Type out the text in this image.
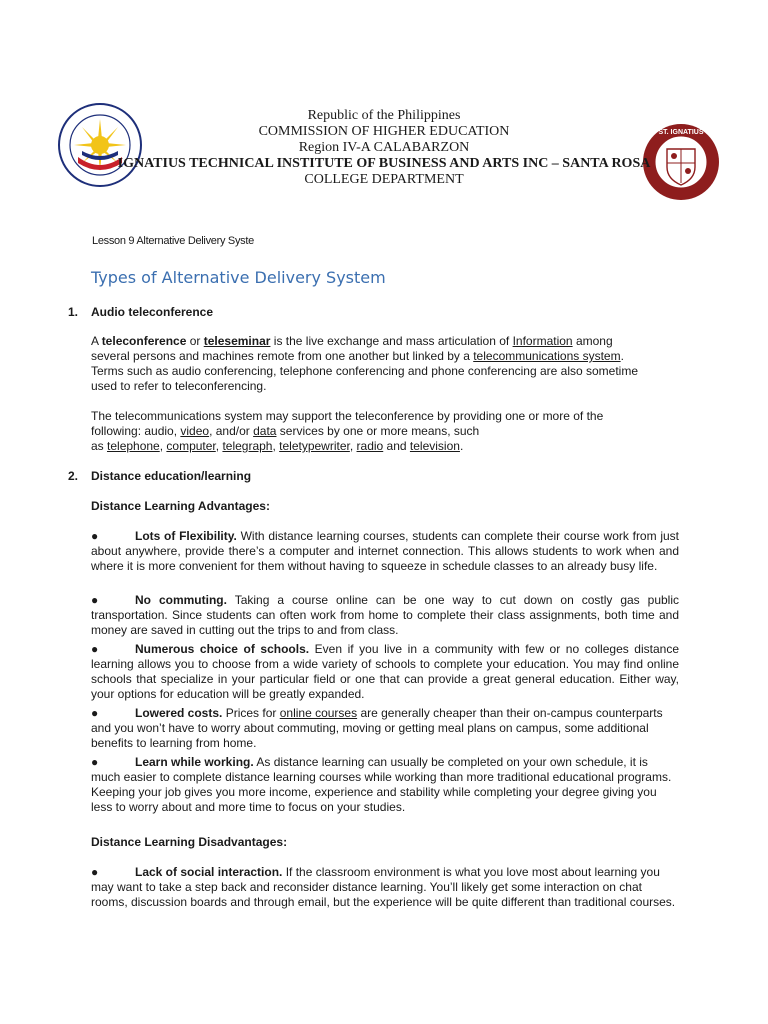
ST. IGNATIUS
Republic of the Philippines
COMMISSION OF HIGHER EDUCATION
Region IV-A CALABARZON
IGNATIUS TECHNICAL INSTITUTE OF BUSINESS AND ARTS INC – SANTA ROSA
COLLEGE DEPARTMENT
Lesson 9 Alternative Delivery Syste
Types of Alternative Delivery System
1. Audio teleconference
A teleconference or teleseminar is the live exchange and mass articulation of Information among
several persons and machines remote from one another but linked by a telecommunications system.
Terms such as audio conferencing, telephone conferencing and phone conferencing are also sometime
used to refer to teleconferencing.
The telecommunications system may support the teleconference by providing one or more of the
following: audio, video, and/or data services by one or more means, such
as telephone, computer, telegraph, teletypewriter, radio and television.
2. Distance education/learning
Distance Learning Advantages:
●	Lots of Flexibility. With distance learning courses, students can complete their course work from just about anywhere, provide there’s a computer and internet connection. This allows students to work when and where it is more convenient for them without having to squeeze in schedule classes to an already busy life.
●	No commuting. Taking a course online can be one way to cut down on costly gas public transportation. Since students can often work from home to complete their class assignments, both time and money are saved in cutting out the trips to and from class.
●	Numerous choice of schools. Even if you live in a community with few or no colleges distance learning allows you to choose from a wide variety of schools to complete your education. You may find online schools that specialize in your particular field or one that can provide a great general education. Either way, your options for education will be greatly expanded.
●	Lowered costs. Prices for online courses are generally cheaper than their on-campus counterparts and you won’t have to worry about commuting, moving or getting meal plans on campus, some additional benefits to learning from home.
●	Learn while working. As distance learning can usually be completed on your own schedule, it is much easier to complete distance learning courses while working than more traditional educational programs. Keeping your job gives you more income, experience and stability while completing your degree giving you less to worry about and more time to focus on your studies.
Distance Learning Disadvantages:
●	Lack of social interaction. If the classroom environment is what you love most about learning you may want to take a step back and reconsider distance learning. You’ll likely get some interaction on chat rooms, discussion boards and through email, but the experience will be quite different than traditional courses.
